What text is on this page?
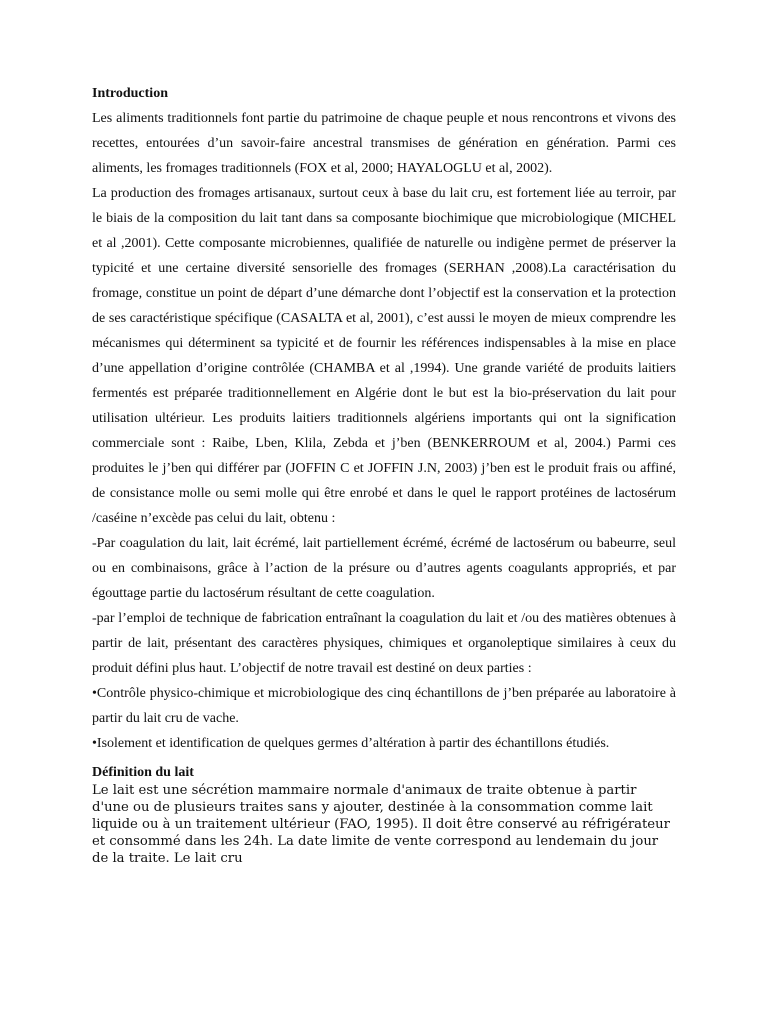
Introduction

Les aliments traditionnels font partie du patrimoine de chaque peuple et nous rencontrons et vivons des recettes, entourées d’un savoir-faire ancestral transmises de génération en génération. Parmi ces aliments, les fromages traditionnels (FOX et al, 2000; HAYALOGLU et al, 2002).

La production des fromages artisanaux, surtout ceux à base du lait cru, est fortement liée au terroir, par le biais de la composition du lait tant dans sa composante biochimique que microbiologique (MICHEL et al ,2001). Cette composante microbiennes, qualifiée de naturelle ou indigène permet de préserver la typicité et une certaine diversité sensorielle des fromages (SERHAN ,2008).La caractérisation du fromage, constitue un point de départ d’une démarche dont l’objectif est la conservation et la protection de ses caractéristique spécifique (CASALTA et al, 2001), c’est aussi le moyen de mieux comprendre les mécanismes qui déterminent sa typicité et de fournir les références indispensables à la mise en place d’une appellation d’origine contrôlée (CHAMBA et al ,1994). Une grande variété de produits laitiers fermentés est préparée traditionnellement en Algérie dont le but est la bio-préservation du lait pour utilisation ultérieur. Les produits laitiers traditionnels algériens importants qui ont la signification commerciale sont : Raibe, Lben, Klila, Zebda et j’ben (BENKERROUM et al, 2004.) Parmi ces produites le j’ben qui différer par (JOFFIN C et JOFFIN J.N, 2003) j’ben est le produit frais ou affiné, de consistance molle ou semi molle qui être enrobé et dans le quel le rapport protéines de lactosérum /caséine n’excède pas celui du lait, obtenu :

-Par coagulation du lait, lait écrémé, lait partiellement écrémé, écrémé de lactosérum ou babeurre, seul ou en combinaisons, grâce à l’action de la présure ou d’autres agents coagulants appropriés, et par égouttage partie du lactosérum résultant de cette coagulation.

-par l’emploi de technique de fabrication entraînant la coagulation du lait et /ou des matières obtenues à partir de lait, présentant des caractères physiques, chimiques et organoleptique similaires à ceux du produit défini plus haut. L’objectif de notre travail est destiné on deux parties :

•Contrôle physico-chimique et microbiologique des cinq échantillons de j’ben préparée au laboratoire à partir du lait cru de vache.

•Isolement et identification de quelques germes d’altération à partir des échantillons étudiés.

Définition du lait

Le lait est une sécrétion mammaire normale d'animaux de traite obtenue à partir d'une ou de plusieurs traites sans y ajouter, destinée à la consommation comme lait liquide ou à un traitement ultérieur (FAO, 1995). Il doit être conservé au réfrigérateur et consommé dans les 24h. La date limite de vente correspond au lendemain du jour de la traite. Le lait cru
